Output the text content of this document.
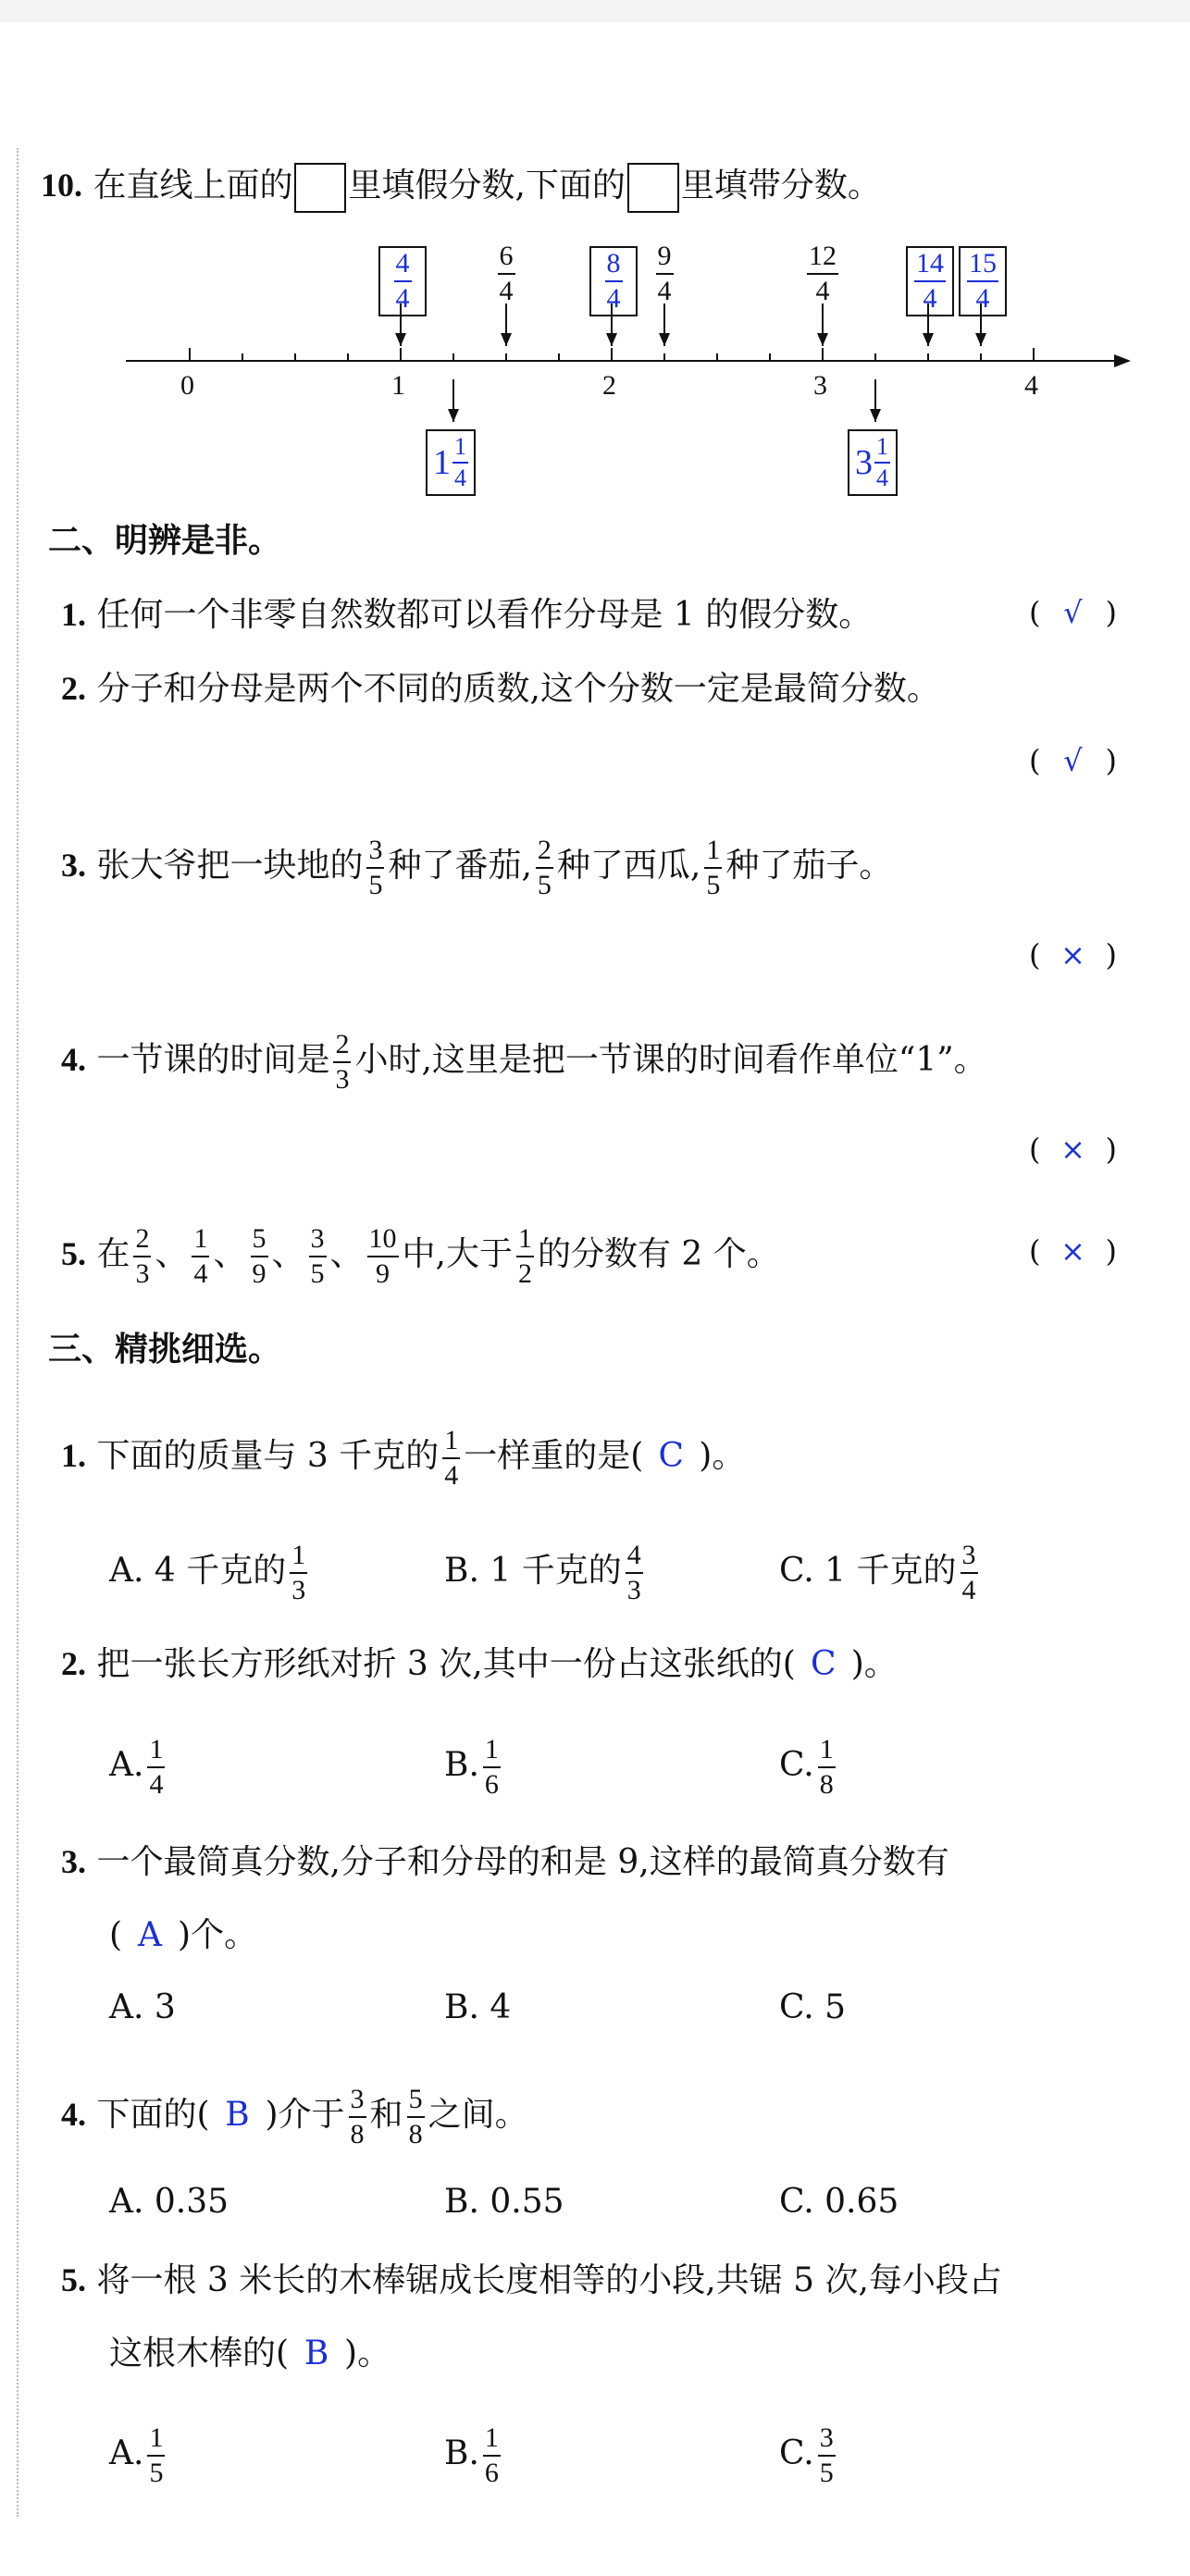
10. 在直线上面的 里填假分数,下面的 里填带分数。
0	1	2	3	4
4
4
6
4
8
4
9
4
12
4
14
4
15
4
$1 \frac{1}{4}$	$3 \frac{1}{4}$
二、明辨是非。
1. 任何一个非零自然数都可以看作分母是 1 的假分数。	( √ )
2. 分子和分母是两个不同的质数,这个分数一定是最简分数。
( √ )
3. 张大爷把一块地的 $\frac{3}{5}$ 种了番茄, $\frac{2}{5}$ 种了西瓜, $\frac{1}{5}$ 种了茄子。
( × )
4. 一节课的时间是 $\frac{2}{3}$ 小时,这里是把一节课的时间看作单位“1”。
( × )
5. 在 $\frac{2}{3}$ 、 $\frac{1}{4}$ 、 $\frac{5}{9}$ 、 $\frac{3}{5}$ 、 $\frac{10}{9}$ 中,大于 $\frac{1}{2}$ 的分数有 2 个。	( × )
三、精挑细选。
1. 下面的质量与 3 千克的 $\frac{1}{4}$ 一样重的是( C )。
A. 4 千克的 $\frac{1}{3}$	B. 1 千克的 $\frac{4}{3}$	C. 1 千克的 $\frac{3}{4}$
2. 把一张长方形纸对折 3 次,其中一份占这张纸的( C )。
A. $\frac{1}{4}$	B. $\frac{1}{6}$	C. $\frac{1}{8}$
3. 一个最简真分数,分子和分母的和是 9,这样的最简真分数有
( A )个。
A. 3	B. 4	C. 5
4. 下面的( B )介于 $\frac{3}{8}$ 和 $\frac{5}{8}$ 之间。
A. 0.35	B. 0.55	C. 0.65
5. 将一根 3 米长的木棒锯成长度相等的小段,共锯 5 次,每小段占
这根木棒的( B )。
A. $\frac{1}{5}$	B. $\frac{1}{6}$	C. $\frac{3}{5}$
